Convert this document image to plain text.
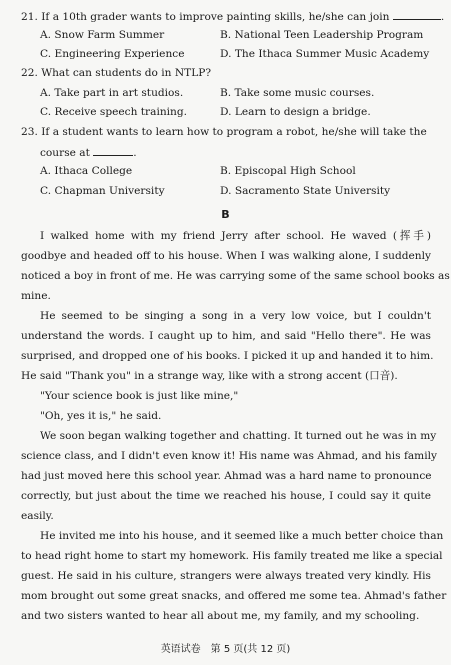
21. If a 10th grader wants to improve painting skills, he/she can join	.
A. Snow Farm Summer	B. National Teen Leadership Program
C. Engineering Experience	D. The Ithaca Summer Music Academy
22. What can students do in NTLP?
A. Take part in art studios.	B. Take some music courses.
C. Receive speech training.	D. Learn to design a bridge.
23. If a student wants to learn how to program a robot, he/she will take the
course at	.
A. Ithaca College	B. Episcopal High School
C. Chapman University	D. Sacramento State University
B
I walked home with my friend Jerry after school. He waved (挥手)
goodbye and headed off to his house. When I was walking alone, I suddenly
noticed a boy in front of me. He was carrying some of the same school books as
mine.
He seemed to be singing a song in a very low voice, but I couldn't
understand the words. I caught up to him, and said "Hello there". He was
surprised, and dropped one of his books. I picked it up and handed it to him.
He said "Thank you" in a strange way, like with a strong accent (口音).
"Your science book is just like mine,"
"Oh, yes it is," he said.
We soon began walking together and chatting. It turned out he was in my
science class, and I didn't even know it! His name was Ahmad, and his family
had just moved here this school year. Ahmad was a hard name to pronounce
correctly, but just about the time we reached his house, I could say it quite
easily.
He invited me into his house, and it seemed like a much better choice than
to head right home to start my homework. His family treated me like a special
guest. He said in his culture, strangers were always treated very kindly. His
mom brought out some great snacks, and offered me some tea. Ahmad's father
and two sisters wanted to hear all about me, my family, and my schooling.
英语试卷　第 5 页(共 12 页)
